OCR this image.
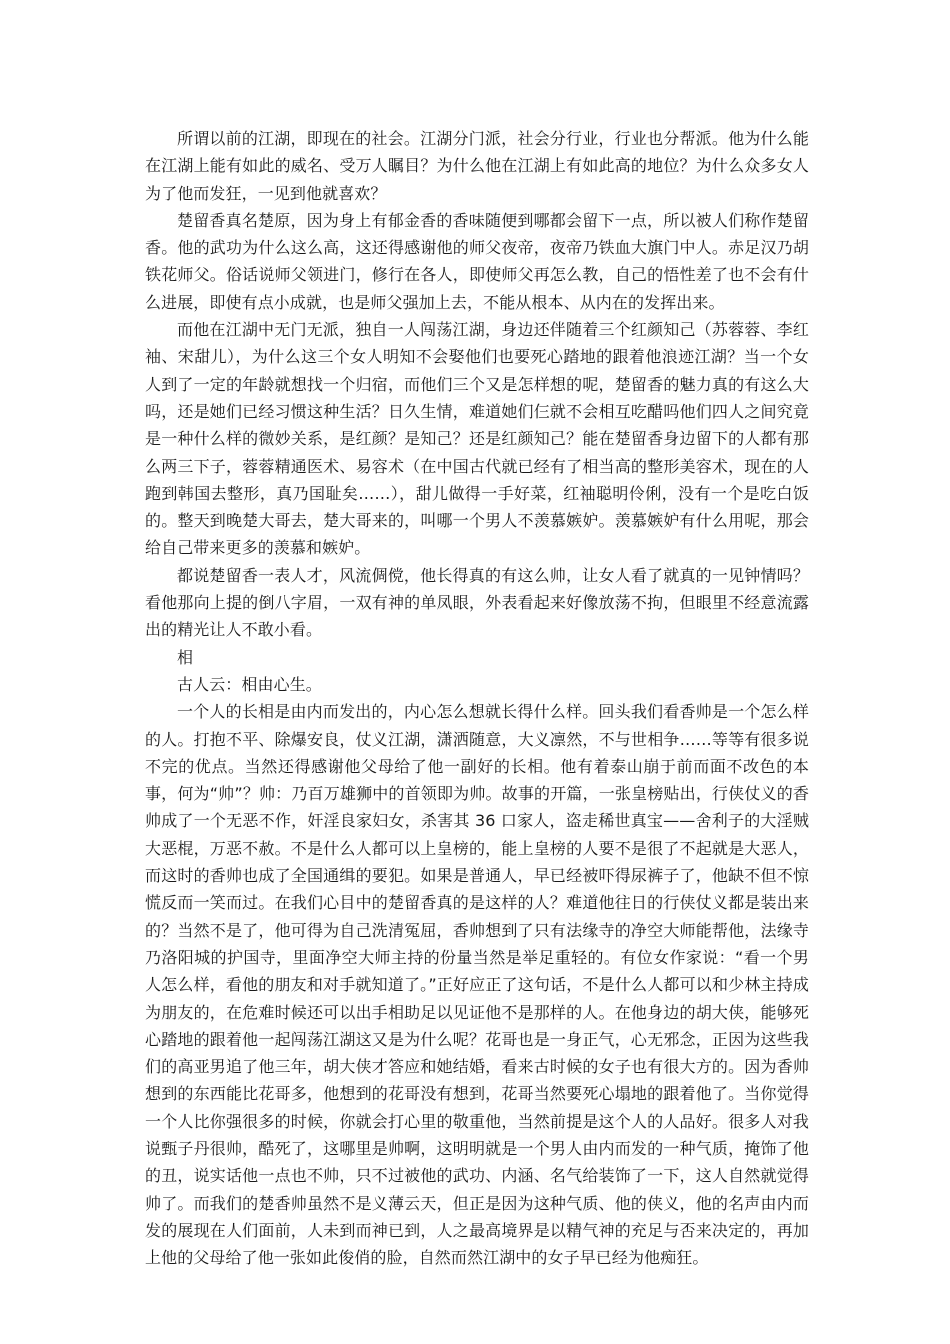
所谓以前的江湖，即现在的社会。江湖分门派，社会分行业，行业也分帮派。他为什么能在江湖上能有如此的威名、受万人瞩目？为什么他在江湖上有如此高的地位？为什么众多女人为了他而发狂，一见到他就喜欢？

楚留香真名楚原，因为身上有郁金香的香味随便到哪都会留下一点，所以被人们称作楚留香。他的武功为什么这么高，这还得感谢他的师父夜帝，夜帝乃铁血大旗门中人。赤足汉乃胡铁花师父。俗话说师父领进门，修行在各人，即使师父再怎么教，自己的悟性差了也不会有什么进展，即使有点小成就，也是师父强加上去，不能从根本、从内在的发挥出来。

而他在江湖中无门无派，独自一人闯荡江湖，身边还伴随着三个红颜知己（苏蓉蓉、李红袖、宋甜儿），为什么这三个女人明知不会娶他们也要死心踏地的跟着他浪迹江湖？当一个女人到了一定的年龄就想找一个归宿，而他们三个又是怎样想的呢，楚留香的魅力真的有这么大吗，还是她们已经习惯这种生活？日久生情，难道她们仨就不会相互吃醋吗他们四人之间究竟是一种什么样的微妙关系，是红颜？是知己？还是红颜知己？能在楚留香身边留下的人都有那么两三下子，蓉蓉精通医术、易容术（在中国古代就已经有了相当高的整形美容术，现在的人跑到韩国去整形，真乃国耻矣……），甜儿做得一手好菜，红袖聪明伶俐，没有一个是吃白饭的。整天到晚楚大哥去，楚大哥来的，叫哪一个男人不羡慕嫉妒。羡慕嫉妒有什么用呢，那会给自己带来更多的羡慕和嫉妒。

都说楚留香一表人才，风流倜傥，他长得真的有这么帅，让女人看了就真的一见钟情吗？看他那向上提的倒八字眉，一双有神的单凤眼，外表看起来好像放荡不拘，但眼里不经意流露出的精光让人不敢小看。

相

古人云：相由心生。

一个人的长相是由内而发出的，内心怎么想就长得什么样。回头我们看香帅是一个怎么样的人。打抱不平、除爆安良，仗义江湖，潇洒随意，大义凛然，不与世相争……等等有很多说不完的优点。当然还得感谢他父母给了他一副好的长相。他有着泰山崩于前而面不改色的本事，何为“帅”？帅：乃百万雄狮中的首领即为帅。故事的开篇，一张皇榜贴出，行侠仗义的香帅成了一个无恶不作，奸淫良家妇女，杀害其 36 口家人，盗走稀世真宝——舍利子的大淫贼大恶棍，万恶不赦。不是什么人都可以上皇榜的，能上皇榜的人要不是很了不起就是大恶人，而这时的香帅也成了全国通缉的要犯。如果是普通人，早已经被吓得尿裤子了，他缺不但不惊慌反而一笑而过。在我们心目中的楚留香真的是这样的人？难道他往日的行侠仗义都是装出来的？当然不是了，他可得为自己洗清冤屈，香帅想到了只有法缘寺的净空大师能帮他，法缘寺乃洛阳城的护国寺，里面净空大师主持的份量当然是举足重轻的。有位女作家说：“看一个男人怎么样，看他的朋友和对手就知道了。”正好应正了这句话，不是什么人都可以和少林主持成为朋友的，在危难时候还可以出手相助足以见证他不是那样的人。在他身边的胡大侠，能够死心踏地的跟着他一起闯荡江湖这又是为什么呢？花哥也是一身正气，心无邪念，正因为这些我们的高亚男追了他三年，胡大侠才答应和她结婚，看来古时候的女子也有很大方的。因为香帅想到的东西能比花哥多，他想到的花哥没有想到，花哥当然要死心塌地的跟着他了。当你觉得一个人比你强很多的时候，你就会打心里的敬重他，当然前提是这个人的人品好。很多人对我说甄子丹很帅，酷死了，这哪里是帅啊，这明明就是一个男人由内而发的一种气质，掩饰了他的丑，说实话他一点也不帅，只不过被他的武功、内涵、名气给装饰了一下，这人自然就觉得帅了。而我们的楚香帅虽然不是义薄云天，但正是因为这种气质、他的侠义，他的名声由内而发的展现在人们面前，人未到而神已到，人之最高境界是以精气神的充足与否来决定的，再加上他的父母给了他一张如此俊俏的脸，自然而然江湖中的女子早已经为他痴狂。
